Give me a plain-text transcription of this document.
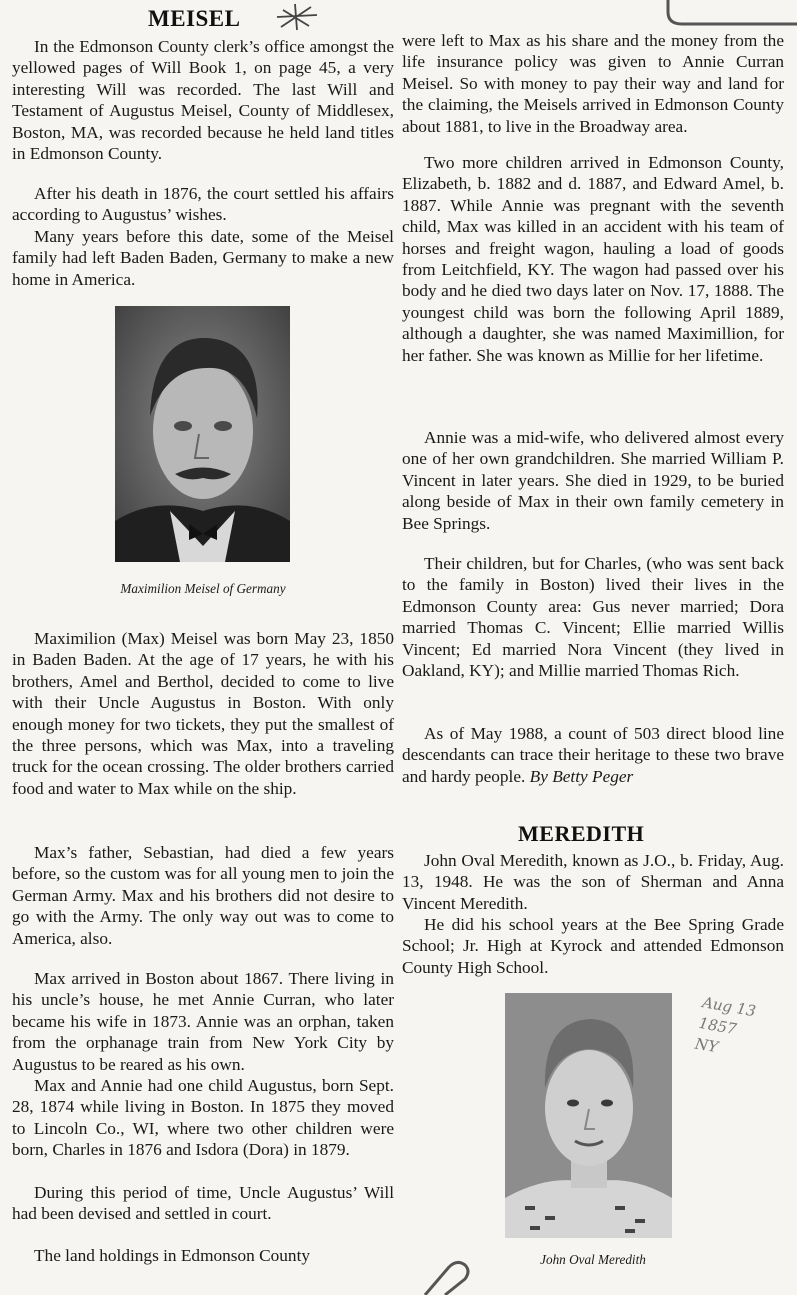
MEISEL

In the Edmonson County clerk’s office amongst the yellowed pages of Will Book 1, on page 45, a very interesting Will was recorded. The last Will and Testament of Augustus Meisel, County of Middlesex, Boston, MA, was recorded because he held land titles in Edmonson County.

After his death in 1876, the court settled his affairs according to Augustus’ wishes.

Many years before this date, some of the Meisel family had left Baden Baden, Germany to make a new home in America.

Maximilion Meisel of Germany

Maximilion (Max) Meisel was born May 23, 1850 in Baden Baden. At the age of 17 years, he with his brothers, Amel and Berthol, decided to come to live with their Uncle Augustus in Boston. With only enough money for two tickets, they put the smallest of the three persons, which was Max, into a traveling truck for the ocean crossing. The older brothers carried food and water to Max while on the ship.

Max’s father, Sebastian, had died a few years before, so the custom was for all young men to join the German Army. Max and his brothers did not desire to go with the Army. The only way out was to come to America, also.

Max arrived in Boston about 1867. There living in his uncle’s house, he met Annie Curran, who later became his wife in 1873. Annie was an orphan, taken from the orphanage train from New York City by Augustus to be reared as his own.

Max and Annie had one child Augustus, born Sept. 28, 1874 while living in Boston. In 1875 they moved to Lincoln Co., WI, where two other children were born, Charles in 1876 and Isdora (Dora) in 1879.

During this period of time, Uncle Augustus’ Will had been devised and settled in court.

The land holdings in Edmonson County

were left to Max as his share and the money from the life insurance policy was given to Annie Curran Meisel. So with money to pay their way and land for the claiming, the Meisels arrived in Edmonson County about 1881, to live in the Broadway area.

Two more children arrived in Edmonson County, Elizabeth, b. 1882 and d. 1887, and Edward Amel, b. 1887. While Annie was pregnant with the seventh child, Max was killed in an accident with his team of horses and freight wagon, hauling a load of goods from Leitchfield, KY. The wagon had passed over his body and he died two days later on Nov. 17, 1888. The youngest child was born the following April 1889, although a daughter, she was named Maximillion, for her father. She was known as Millie for her lifetime.

Annie was a mid-wife, who delivered almost every one of her own grandchildren. She married William P. Vincent in later years. She died in 1929, to be buried along beside of Max in their own family cemetery in Bee Springs.

Their children, but for Charles, (who was sent back to the family in Boston) lived their lives in the Edmonson County area: Gus never married; Dora married Thomas C. Vincent; Ellie married Willis Vincent; Ed married Nora Vincent (they lived in Oakland, KY); and Millie married Thomas Rich.

As of May 1988, a count of 503 direct blood line descendants can trace their heritage to these two brave and hardy people. By Betty Peger

MEREDITH

John Oval Meredith, known as J.O., b. Friday, Aug. 13, 1948. He was the son of Sherman and Anna Vincent Meredith.

He did his school years at the Bee Spring Grade School; Jr. High at Kyrock and attended Edmonson County High School.

John Oval Meredith

Aug 13
1857
NY
